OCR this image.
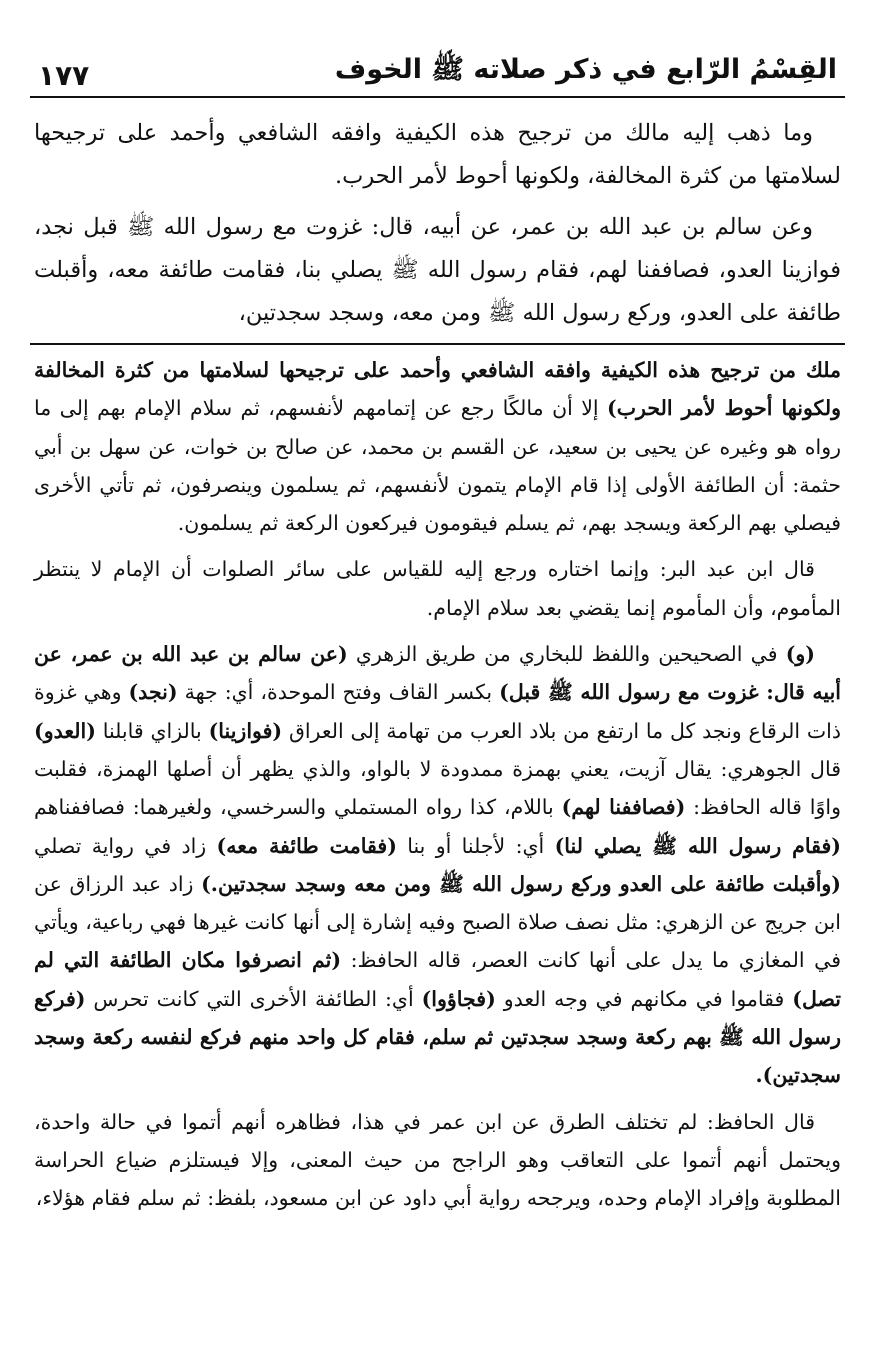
القِسْمُ الرّابع في ذكر صلاته ﷺ الخوف
١٧٧

وما ذهب إليه مالك من ترجيح هذه الكيفية وافقه الشافعي وأحمد على ترجيحها لسلامتها من كثرة المخالفة، ولكونها أحوط لأمر الحرب.

وعن سالم بن عبد الله بن عمر، عن أبيه، قال: غزوت مع رسول الله ﷺ قبل نجد، فوازينا العدو، فصاففنا لهم، فقام رسول الله ﷺ يصلي بنا، فقامت طائفة معه، وأقبلت طائفة على العدو، وركع رسول الله ﷺ ومن معه، وسجد سجدتين،

ملك من ترجيح هذه الكيفية وافقه الشافعي وأحمد على ترجيحها لسلامتها من كثرة المخالفة ولكونها أحوط لأمر الحرب) إلا أن مالكًا رجع عن إتمامهم لأنفسهم، ثم سلام الإمام بهم إلى ما رواه هو وغيره عن يحيى بن سعيد، عن القسم بن محمد، عن صالح بن خوات، عن سهل بن أبي حثمة: أن الطائفة الأولى إذا قام الإمام يتمون لأنفسهم، ثم يسلمون وينصرفون، ثم تأتي الأخرى فيصلي بهم الركعة ويسجد بهم، ثم يسلم فيقومون فيركعون الركعة ثم يسلمون.

قال ابن عبد البر: وإنما اختاره ورجع إليه للقياس على سائر الصلوات أن الإمام لا ينتظر المأموم، وأن المأموم إنما يقضي بعد سلام الإمام.

(و) في الصحيحين واللفظ للبخاري من طريق الزهري (عن سالم بن عبد الله بن عمر، عن أبيه قال: غزوت مع رسول الله ﷺ قبل) بكسر القاف وفتح الموحدة، أي: جهة (نجد) وهي غزوة ذات الرقاع ونجد كل ما ارتفع من بلاد العرب من تهامة إلى العراق (فوازينا) بالزاي قابلنا (العدو) قال الجوهري: يقال آزيت، يعني بهمزة ممدودة لا بالواو، والذي يظهر أن أصلها الهمزة، فقلبت واوًا قاله الحافظ: (فصاففنا لهم) باللام، كذا رواه المستملي والسرخسي، ولغيرهما: فصاففناهم (فقام رسول الله ﷺ يصلي لنا) أي: لأجلنا أو بنا (فقامت طائفة معه) زاد في رواية تصلي (وأقبلت طائفة على العدو وركع رسول الله ﷺ ومن معه وسجد سجدتين.) زاد عبد الرزاق عن ابن جريج عن الزهري: مثل نصف صلاة الصبح وفيه إشارة إلى أنها كانت غيرها فهي رباعية، ويأتي في المغازي ما يدل على أنها كانت العصر، قاله الحافظ: (ثم انصرفوا مكان الطائفة التي لم تصل) فقاموا في مكانهم في وجه العدو (فجاؤوا) أي: الطائفة الأخرى التي كانت تحرس (فركع رسول الله ﷺ بهم ركعة وسجد سجدتين ثم سلم، فقام كل واحد منهم فركع لنفسه ركعة وسجد سجدتين).

قال الحافظ: لم تختلف الطرق عن ابن عمر في هذا، فظاهره أنهم أتموا في حالة واحدة، ويحتمل أنهم أتموا على التعاقب وهو الراجح من حيث المعنى، وإلا فيستلزم ضياع الحراسة المطلوبة وإفراد الإمام وحده، ويرجحه رواية أبي داود عن ابن مسعود، بلفظ: ثم سلم فقام هؤلاء،
